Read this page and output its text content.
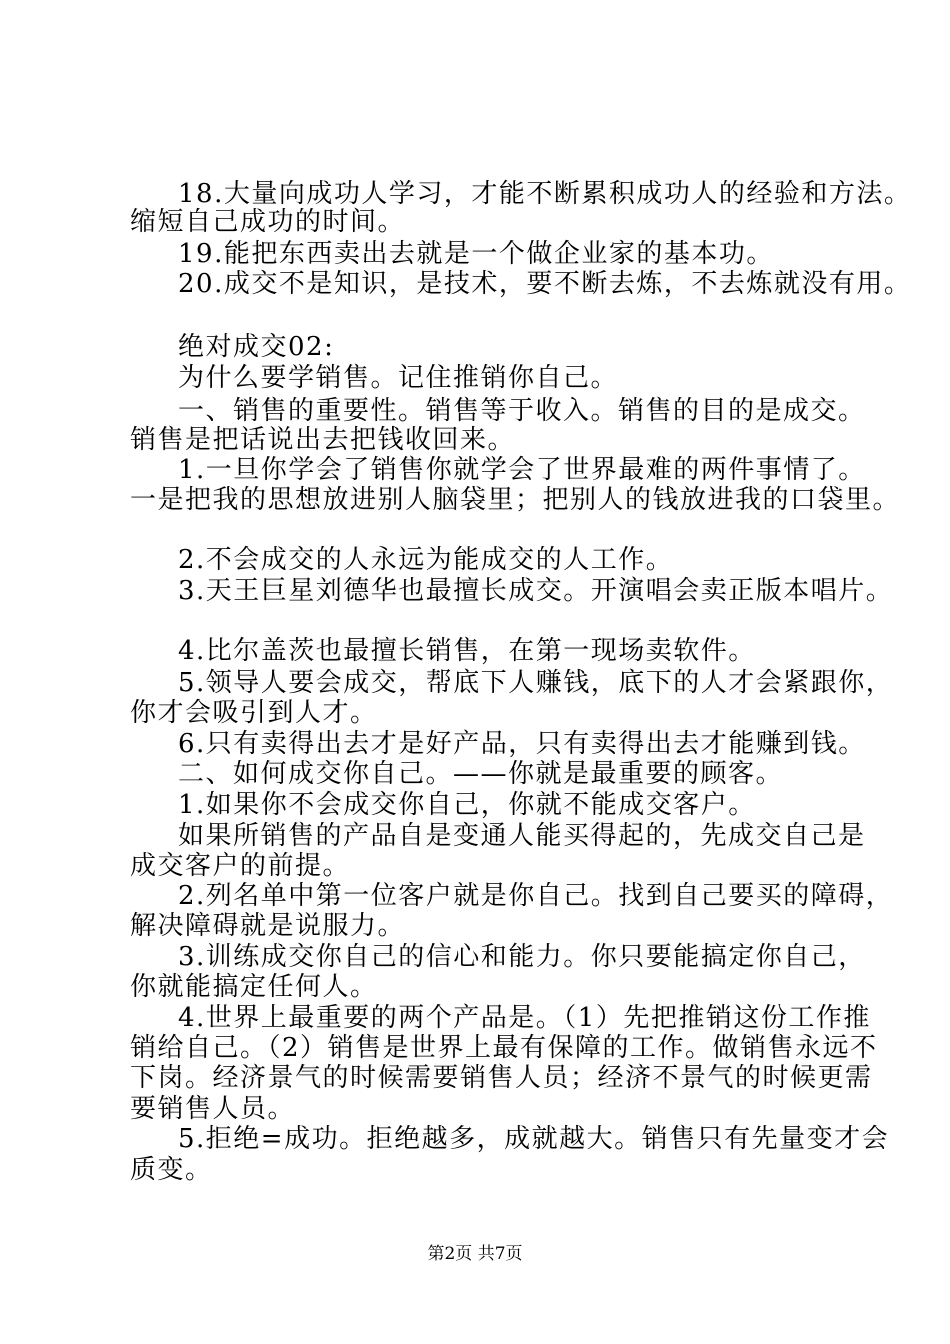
18.大量向成功人学习，才能不断累积成功人的经验和方法。
缩短自己成功的时间。
19.能把东西卖出去就是一个做企业家的基本功。
20.成交不是知识，是技术，要不断去炼，不去炼就没有用。
绝对成交02:
为什么要学销售。记住推销你自己。
一、销售的重要性。销售等于收入。销售的目的是成交。
销售是把话说出去把钱收回来。
1.一旦你学会了销售你就学会了世界最难的两件事情了。
一是把我的思想放进别人脑袋里；把别人的钱放进我的口袋里。
2.不会成交的人永远为能成交的人工作。
3.天王巨星刘德华也最擅长成交。开演唱会卖正版本唱片。
4.比尔盖茨也最擅长销售，在第一现场卖软件。
5.领导人要会成交，帮底下人赚钱，底下的人才会紧跟你，
你才会吸引到人才。
6.只有卖得出去才是好产品，只有卖得出去才能赚到钱。
二、如何成交你自己。——你就是最重要的顾客。
1.如果你不会成交你自己，你就不能成交客户。
如果所销售的产品自是变通人能买得起的，先成交自己是
成交客户的前提。
2.列名单中第一位客户就是你自己。找到自己要买的障碍，
解决障碍就是说服力。
3.训练成交你自己的信心和能力。你只要能搞定你自己，
你就能搞定任何人。
4.世界上最重要的两个产品是。（1）先把推销这份工作推
销给自己。（2）销售是世界上最有保障的工作。做销售永远不
下岗。经济景气的时候需要销售人员；经济不景气的时候更需
要销售人员。
5.拒绝=成功。拒绝越多，成就越大。销售只有先量变才会
质变。
第2页 共7页
